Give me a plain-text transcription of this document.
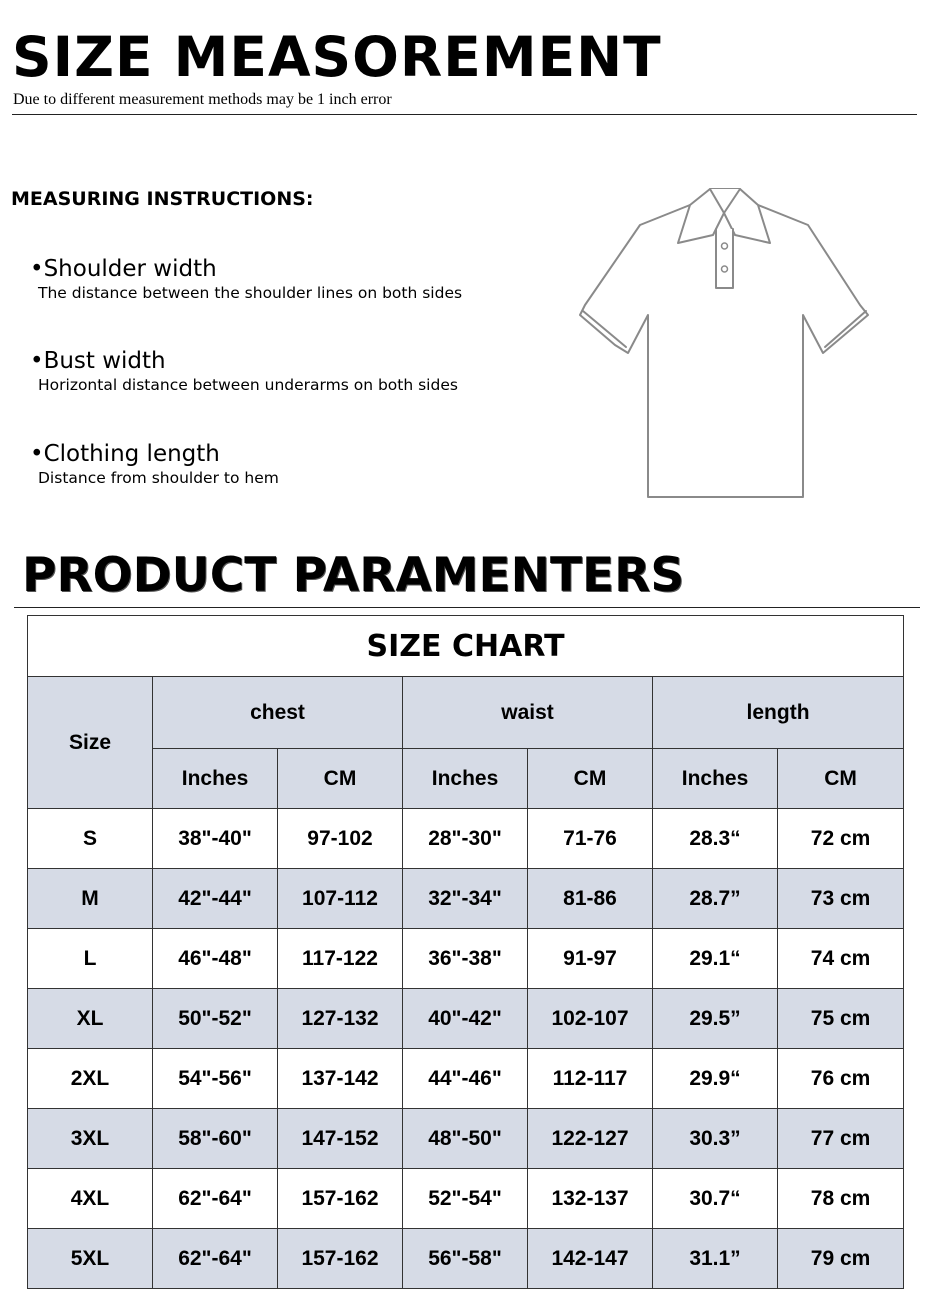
SIZE MEASOREMENT
Due to different measurement methods may be 1 inch error
MEASURING INSTRUCTIONS:
•Shoulder width
The distance between the shoulder lines on both sides
•Bust width
Horizontal distance between underarms on both sides
•Clothing length
Distance from shoulder to hem
PRODUCT PARAMENTERS
SIZE CHART						
Size	chest		waist		length	
	Inches	CM	Inches	CM	Inches	CM
S	38"-40"	97-102	28"-30"	71-76	28.3“	72 cm
M	42"-44"	107-112	32"-34"	81-86	28.7”	73 cm
L	46"-48"	117-122	36"-38"	91-97	29.1“	74 cm
XL	50"-52"	127-132	40"-42"	102-107	29.5”	75 cm
2XL	54"-56"	137-142	44"-46"	112-117	29.9“	76 cm
3XL	58"-60"	147-152	48"-50"	122-127	30.3”	77 cm
4XL	62"-64"	157-162	52"-54"	132-137	30.7“	78 cm
5XL	62"-64"	157-162	56"-58"	142-147	31.1”	79 cm
